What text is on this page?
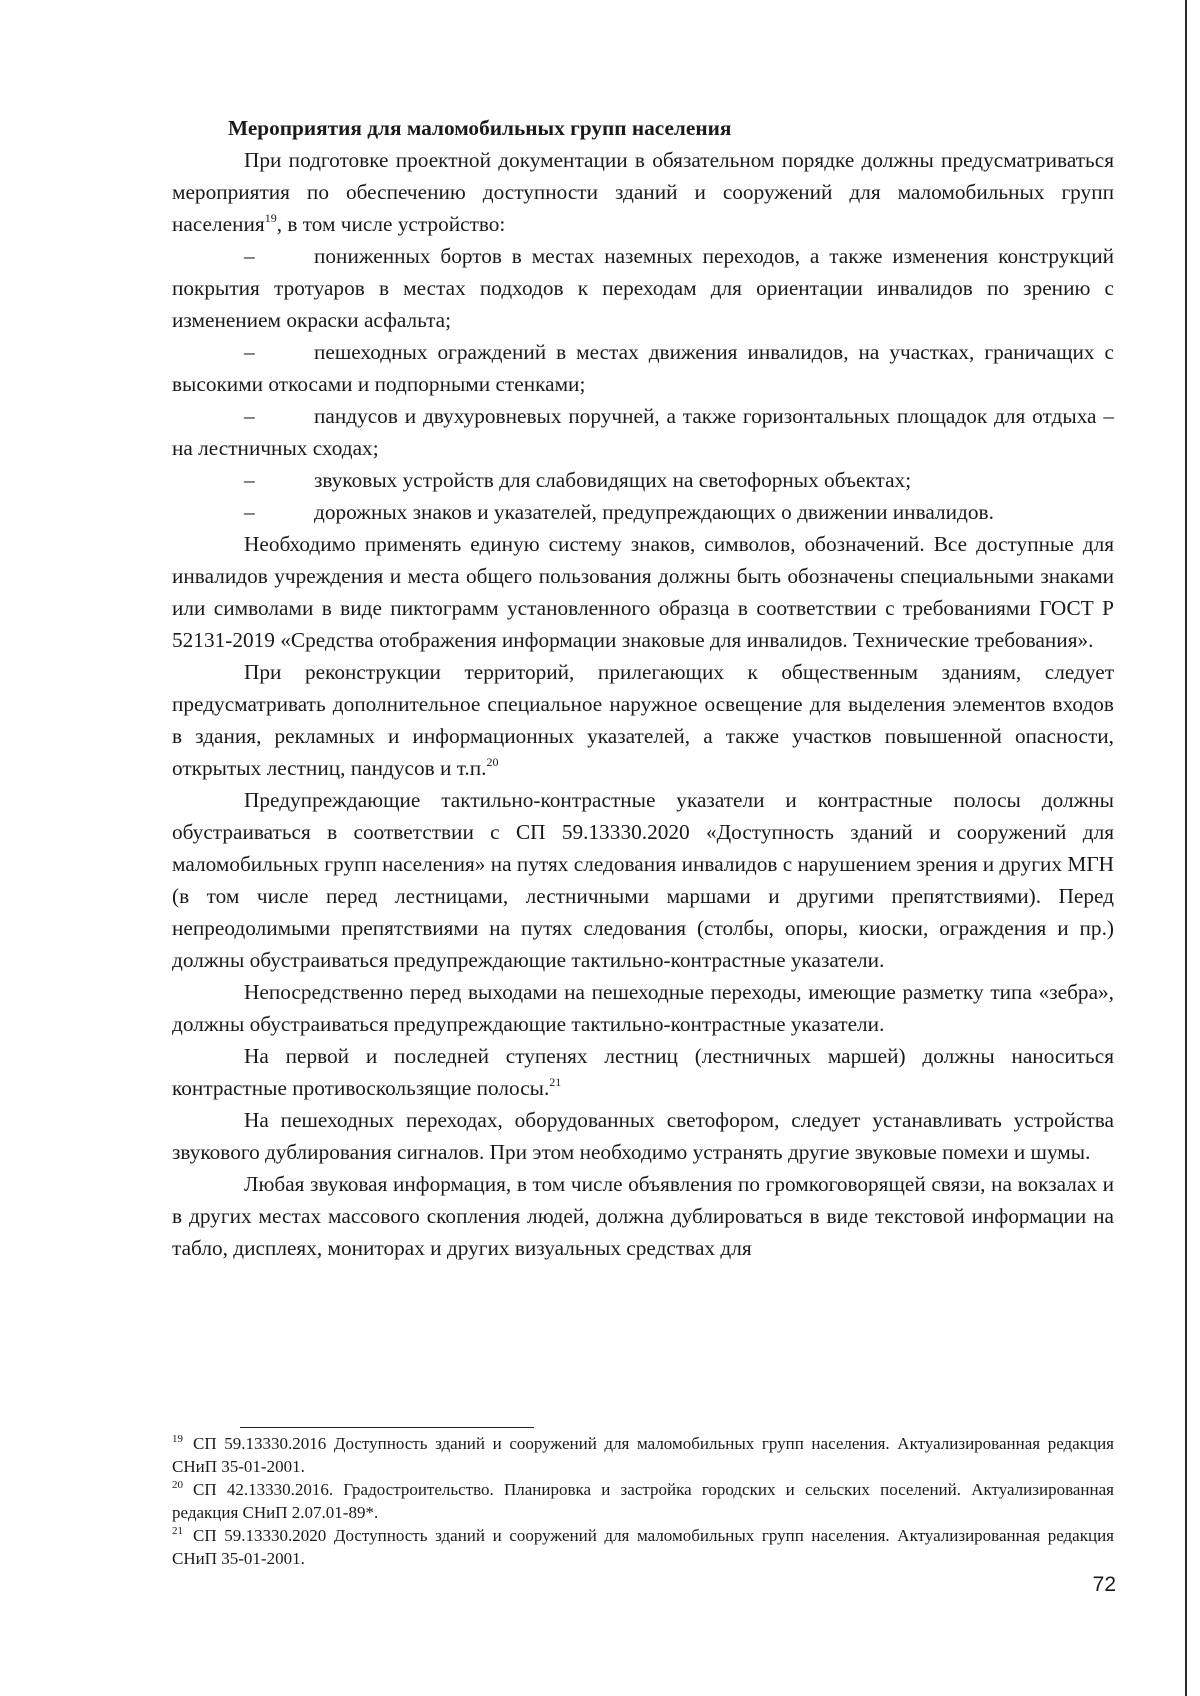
Мероприятия для маломобильных групп населения

При подготовке проектной документации в обязательном порядке должны предусматриваться мероприятия по обеспечению доступности зданий и сооружений для маломобильных групп населения$^{19}$, в том числе устройство:

–	пониженных бортов в местах наземных переходов, а также изменения конструкций покрытия тротуаров в местах подходов к переходам для ориентации инвалидов по зрению с изменением окраски асфальта;

–	пешеходных ограждений в местах движения инвалидов, на участках, граничащих с высокими откосами и подпорными стенками;

–	пандусов и двухуровневых поручней, а также горизонтальных площадок для отдыха – на лестничных сходах;

–	звуковых устройств для слабовидящих на светофорных объектах;

–	дорожных знаков и указателей, предупреждающих о движении инвалидов.

Необходимо применять единую систему знаков, символов, обозначений. Все доступные для инвалидов учреждения и места общего пользования должны быть обозначены специальными знаками или символами в виде пиктограмм установленного образца в соответствии с требованиями ГОСТ Р 52131-2019 «Средства отображения информации знаковые для инвалидов. Технические требования».

При реконструкции территорий, прилегающих к общественным зданиям, следует предусматривать дополнительное специальное наружное освещение для выделения элементов входов в здания, рекламных и информационных указателей, а также участков повышенной опасности, открытых лестниц, пандусов и т.п.$^{20}$

Предупреждающие тактильно-контрастные указатели и контрастные полосы должны обустраиваться в соответствии с СП 59.13330.2020 «Доступность зданий и сооружений для маломобильных групп населения» на путях следования инвалидов с нарушением зрения и других МГН (в том числе перед лестницами, лестничными маршами и другими препятствиями). Перед непреодолимыми препятствиями на путях следования (столбы, опоры, киоски, ограждения и пр.) должны обустраиваться предупреждающие тактильно-контрастные указатели.

Непосредственно перед выходами на пешеходные переходы, имеющие разметку типа «зебра», должны обустраиваться предупреждающие тактильно-контрастные указатели.

На первой и последней ступенях лестниц (лестничных маршей) должны наноситься контрастные противоскользящие полосы.$^{21}$

На пешеходных переходах, оборудованных светофором, следует устанавливать устройства звукового дублирования сигналов. При этом необходимо устранять другие звуковые помехи и шумы.

Любая звуковая информация, в том числе объявления по громкоговорящей связи, на вокзалах и в других местах массового скопления людей, должна дублироваться в виде текстовой информации на табло, дисплеях, мониторах и других визуальных средствах для

$^{19}$ СП 59.13330.2016 Доступность зданий и сооружений для маломобильных групп населения. Актуализированная редакция СНиП 35-01-2001.

$^{20}$ СП 42.13330.2016. Градостроительство. Планировка и застройка городских и сельских поселений. Актуализированная редакция СНиП 2.07.01-89*.

$^{21}$ СП 59.13330.2020 Доступность зданий и сооружений для маломобильных групп населения. Актуализированная редакция СНиП 35-01-2001.

72
